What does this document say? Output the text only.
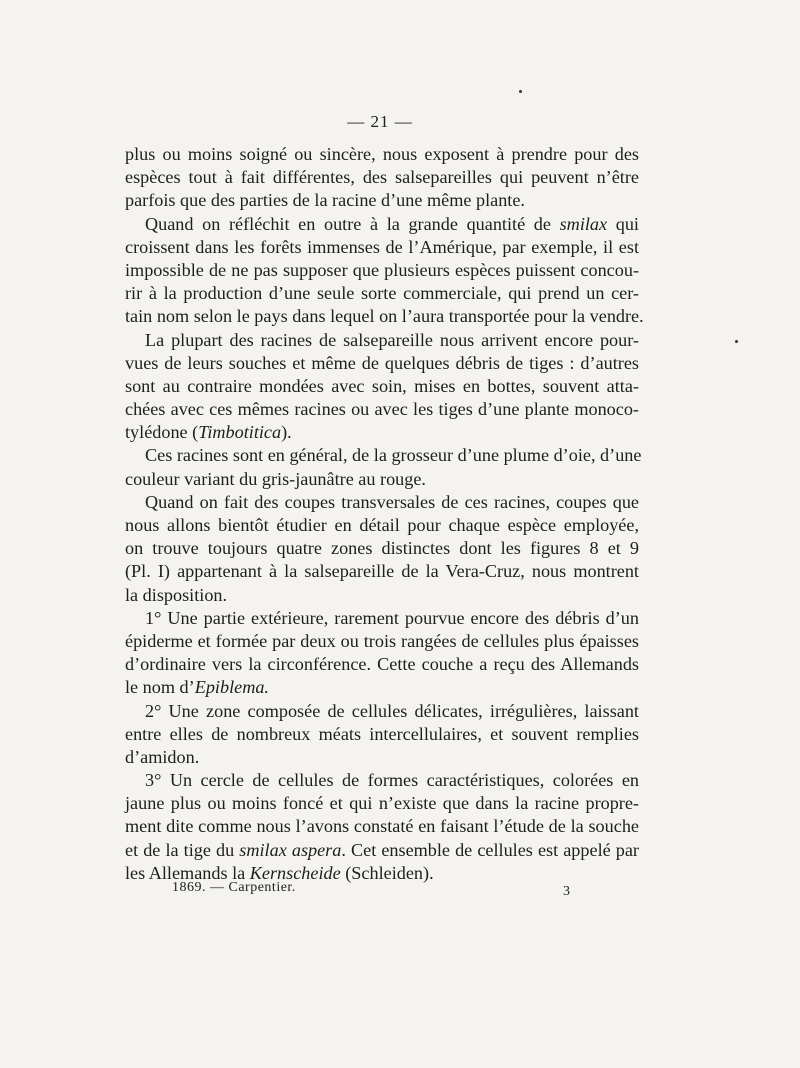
— 21 —
plus ou moins soigné ou sincère, nous exposent à prendre pour des
espèces tout à fait différentes, des salsepareilles qui peuvent n’être
parfois que des parties de la racine d’une même plante.
Quand on réfléchit en outre à la grande quantité de smilax qui
croissent dans les forêts immenses de l’Amérique, par exemple, il est
impossible de ne pas supposer que plusieurs espèces puissent concou-
rir à la production d’une seule sorte commerciale, qui prend un cer-
tain nom selon le pays dans lequel on l’aura transportée pour la vendre.
La plupart des racines de salsepareille nous arrivent encore pour-
vues de leurs souches et même de quelques débris de tiges : d’autres
sont au contraire mondées avec soin, mises en bottes, souvent atta-
chées avec ces mêmes racines ou avec les tiges d’une plante monoco-
tylédone (Timbotitica).
Ces racines sont en général, de la grosseur d’une plume d’oie, d’une
couleur variant du gris-jaunâtre au rouge.
Quand on fait des coupes transversales de ces racines, coupes que
nous allons bientôt étudier en détail pour chaque espèce employée,
on trouve toujours quatre zones distinctes dont les figures 8 et 9
(Pl. I) appartenant à la salsepareille de la Vera-Cruz, nous montrent
la disposition.
1° Une partie extérieure, rarement pourvue encore des débris d’un
épiderme et formée par deux ou trois rangées de cellules plus épaisses
d’ordinaire vers la circonférence. Cette couche a reçu des Allemands
le nom d’Epiblema.
2° Une zone composée de cellules délicates, irrégulières, laissant
entre elles de nombreux méats intercellulaires, et souvent remplies
d’amidon.
3° Un cercle de cellules de formes caractéristiques, colorées en
jaune plus ou moins foncé et qui n’existe que dans la racine propre-
ment dite comme nous l’avons constaté en faisant l’étude de la souche
et de la tige du smilax aspera. Cet ensemble de cellules est appelé par
les Allemands la Kernscheide (Schleiden).
1869. — Carpentier.	3
